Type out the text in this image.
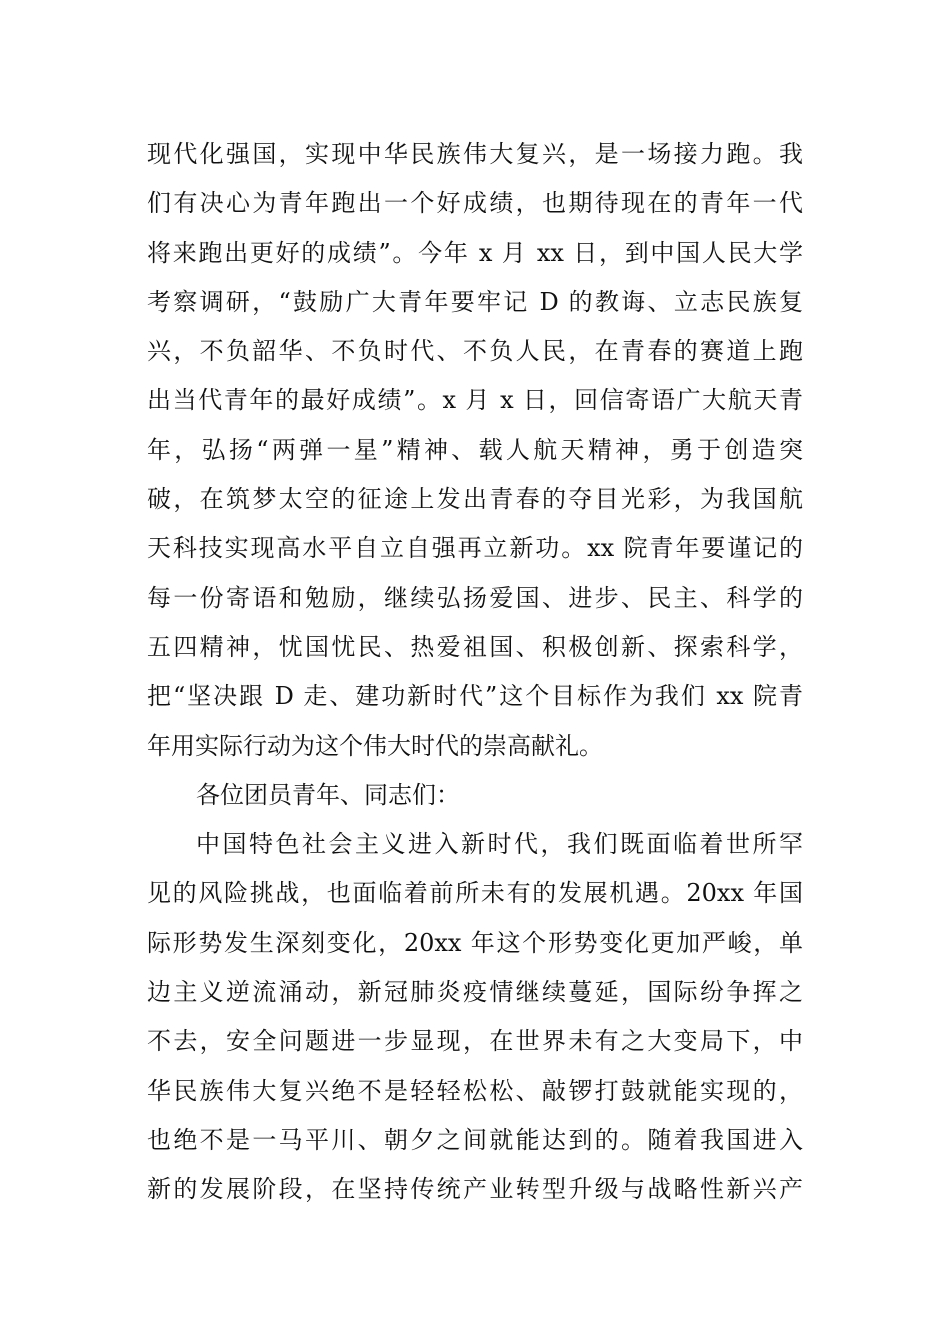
现代化强国，实现中华民族伟大复兴，是一场接力跑。我
们有决心为青年跑出一个好成绩，也期待现在的青年一代
将来跑出更好的成绩”。今年 x 月 xx 日，到中国人民大学
考察调研，“鼓励广大青年要牢记 D 的教诲、立志民族复
兴，不负韶华、不负时代、不负人民，在青春的赛道上跑
出当代青年的最好成绩”。x 月 x 日，回信寄语广大航天青
年，弘扬“两弹一星”精神、载人航天精神，勇于创造突
破，在筑梦太空的征途上发出青春的夺目光彩，为我国航
天科技实现高水平自立自强再立新功。xx 院青年要谨记的
每一份寄语和勉励，继续弘扬爱国、进步、民主、科学的
五四精神，忧国忧民、热爱祖国、积极创新、探索科学，
把“坚决跟 D 走、建功新时代”这个目标作为我们 xx 院青
年用实际行动为这个伟大时代的崇高献礼。
各位团员青年、同志们：
中国特色社会主义进入新时代，我们既面临着世所罕
见的风险挑战，也面临着前所未有的发展机遇。20xx 年国
际形势发生深刻变化，20xx 年这个形势变化更加严峻，单
边主义逆流涌动，新冠肺炎疫情继续蔓延，国际纷争挥之
不去，安全问题进一步显现，在世界未有之大变局下，中
华民族伟大复兴绝不是轻轻松松、敲锣打鼓就能实现的，
也绝不是一马平川、朝夕之间就能达到的。随着我国进入
新的发展阶段，在坚持传统产业转型升级与战略性新兴产
